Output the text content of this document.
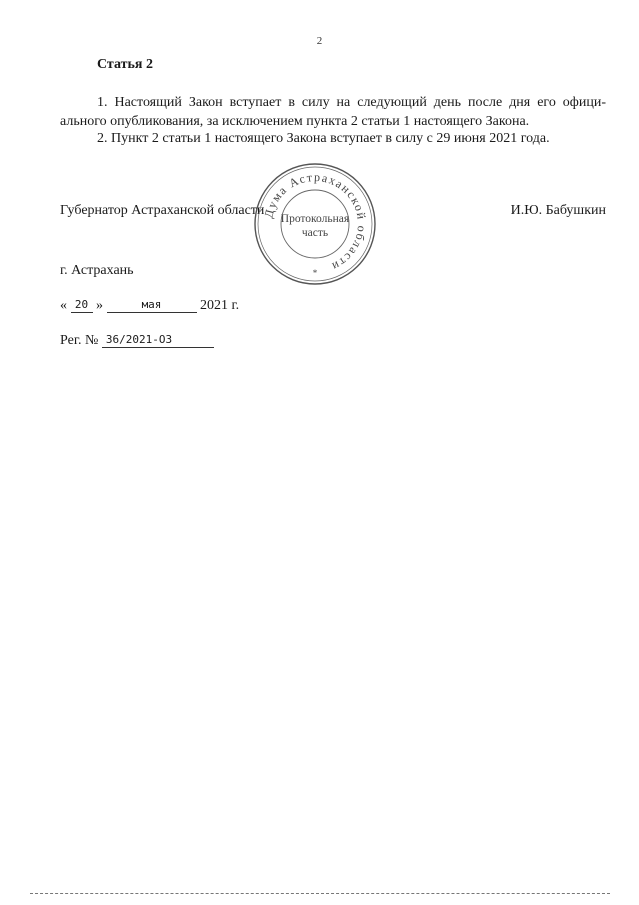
2
Статья 2
1. Настоящий Закон вступает в силу на следующий день после дня его офици-
ального опубликования, за исключением пункта 2 статьи 1 настоящего Закона.
2. Пункт 2 статьи 1 настоящего Закона вступает в силу с 29 июня 2021 года.
Губернатор Астраханской области	И.Ю. Бабушкин
Дума Астраханской области
Протокольная
часть
*
г. Астрахань
« 20 »	мая	2021 г.
Рег. № 36/2021-ОЗ
